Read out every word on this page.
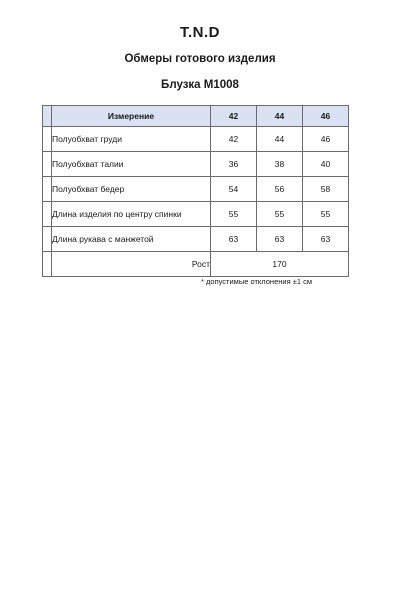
T.N.D
Обмеры готового изделия
Блузка М1008
	Измерение	42	44	46
	Полуобхват груди	42	44	46
	Полуобхват талии	36	38	40
	Полуобхват бедер	54	56	58
	Длина изделия по центру спинки	55	55	55
	Длина рукава с манжетой	63	63	63
	Рост	170		
* допустимые отклонения ±1 см
